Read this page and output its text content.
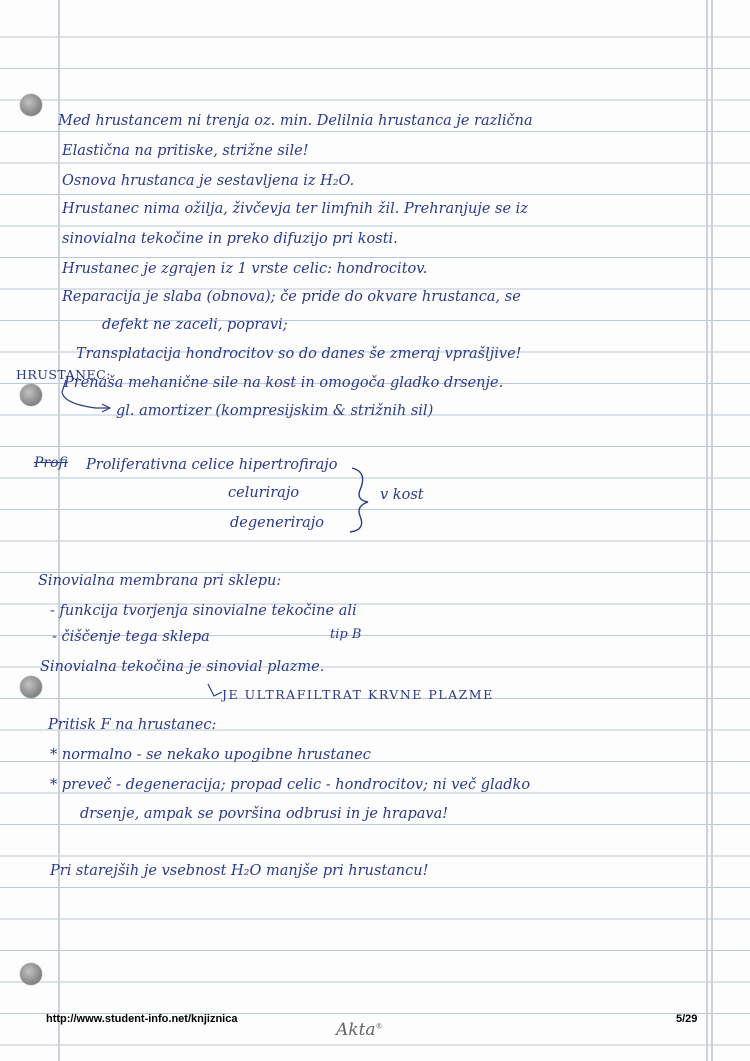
Med hrustancem ni trenja oz. min. Delilnia hrustanca je različna
Elastična na pritiske, strižne sile!
Osnova hrustanca je sestavljena iz H₂O.
Hrustanec nima ožilja, živčevja ter limfnih žil. Prehranjuje se iz
sinovialna tekočine in preko difuzijo pri kosti.
Hrustanec je zgrajen iz 1 vrste celic: hondrocitov.
Reparacija je slaba (obnova); če pride do okvare hrustanca, se
defekt ne zaceli, popravi;
Transplatacija hondrocitov so do danes še zmeraj vprašljive!
HRUSTANEC:
Prenaša mehanične sile na kost in omogoča gladko drsenje.
gl. amortizer (kompresijskim & strižnih sil)
Profi Proliferativna celice hipertrofirajo
celurirajo
degenerirajo
v kost
Sinovialna membrana pri sklepu:
- funkcija tvorjenja sinovialne tekočine ali
tip B
- čiščenje tega sklepa
Sinovialna tekočina je sinovial plazme.
JE ULTRAFILTRAT KRVNE PLAZME
Pritisk F na hrustanec:
* normalno - se nekako upogibne hrustanec
* preveč - degeneracija; propad celic - hondrocitov; ni več gladko
drsenje, ampak se površina odbrusi in je hrapava!
Pri starejših je vsebnost H₂O manjše pri hrustancu!
http://www.student-info.net/knjiznica
Akta®
5/29
